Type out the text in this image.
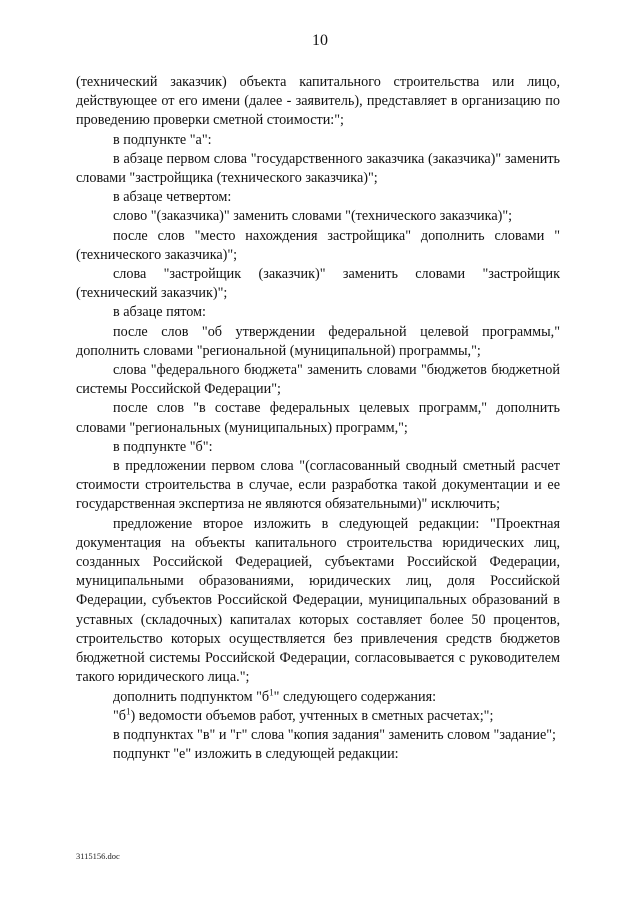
10

(технический заказчик) объекта капитального строительства или лицо, действующее от его имени (далее - заявитель), представляет в организацию по проведению проверки сметной стоимости:";

в подпункте "а":

в абзаце первом слова "государственного заказчика (заказчика)" заменить словами "застройщика (технического заказчика)";

в абзаце четвертом:

слово "(заказчика)" заменить словами "(технического заказчика)";

после слов "место нахождения застройщика" дополнить словами "(технического заказчика)";

слова "застройщик (заказчик)" заменить словами "застройщик (технический заказчик)";

в абзаце пятом:

после слов "об утверждении федеральной целевой программы," дополнить словами "региональной (муниципальной) программы,";

слова "федерального бюджета" заменить словами "бюджетов бюджетной системы Российской Федерации";

после слов "в составе федеральных целевых программ," дополнить словами "региональных (муниципальных) программ,";

в подпункте "б":

в предложении первом слова "(согласованный сводный сметный расчет стоимости строительства в случае, если разработка такой документации и ее государственная экспертиза не являются обязательными)" исключить;

предложение второе изложить в следующей редакции: "Проектная документация на объекты капитального строительства юридических лиц, созданных Российской Федерацией, субъектами Российской Федерации, муниципальными образованиями, юридических лиц, доля Российской Федерации, субъектов Российской Федерации, муниципальных образований в уставных (складочных) капиталах которых составляет более 50 процентов, строительство которых осуществляется без привлечения средств бюджетов бюджетной системы Российской Федерации, согласовывается с руководителем такого юридического лица.";

дополнить подпунктом "$б^1$" следующего содержания:

"$б^1$) ведомости объемов работ, учтенных в сметных расчетах;";

в подпунктах "в" и "г" слова "копия задания" заменить словом "задание";

подпункт "е" изложить в следующей редакции:

3115156.doc
